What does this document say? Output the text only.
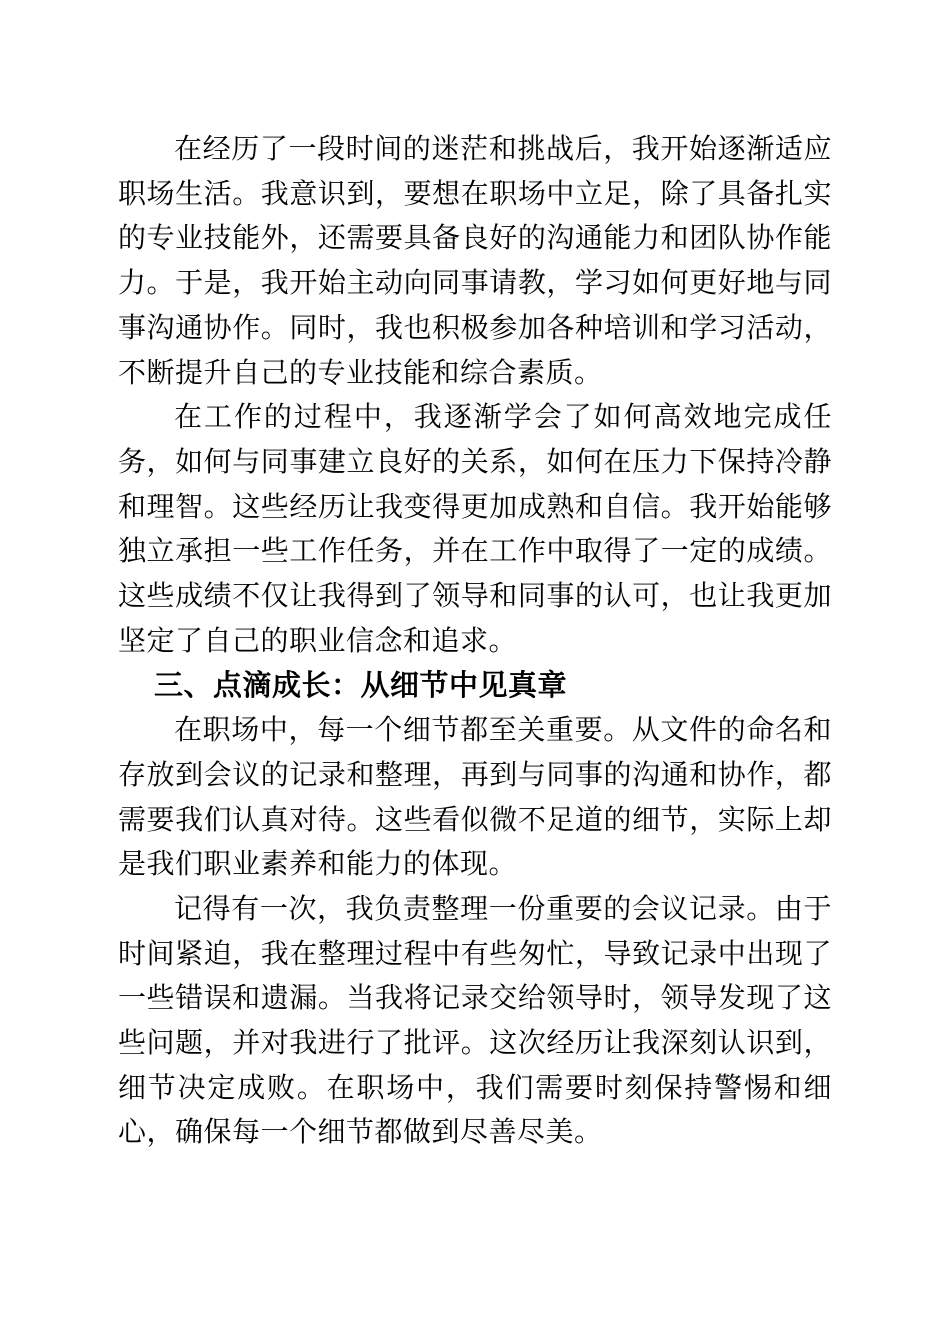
在经历了一段时间的迷茫和挑战后，我开始逐渐适应职场生活。我意识到，要想在职场中立足，除了具备扎实的专业技能外，还需要具备良好的沟通能力和团队协作能力。于是，我开始主动向同事请教，学习如何更好地与同事沟通协作。同时，我也积极参加各种培训和学习活动，不断提升自己的专业技能和综合素质。

在工作的过程中，我逐渐学会了如何高效地完成任务，如何与同事建立良好的关系，如何在压力下保持冷静和理智。这些经历让我变得更加成熟和自信。我开始能够独立承担一些工作任务，并在工作中取得了一定的成绩。这些成绩不仅让我得到了领导和同事的认可，也让我更加坚定了自己的职业信念和追求。

三、点滴成长：从细节中见真章

在职场中，每一个细节都至关重要。从文件的命名和存放到会议的记录和整理，再到与同事的沟通和协作，都需要我们认真对待。这些看似微不足道的细节，实际上却是我们职业素养和能力的体现。

记得有一次，我负责整理一份重要的会议记录。由于时间紧迫，我在整理过程中有些匆忙，导致记录中出现了一些错误和遗漏。当我将记录交给领导时，领导发现了这些问题，并对我进行了批评。这次经历让我深刻认识到，细节决定成败。在职场中，我们需要时刻保持警惕和细心，确保每一个细节都做到尽善尽美。
